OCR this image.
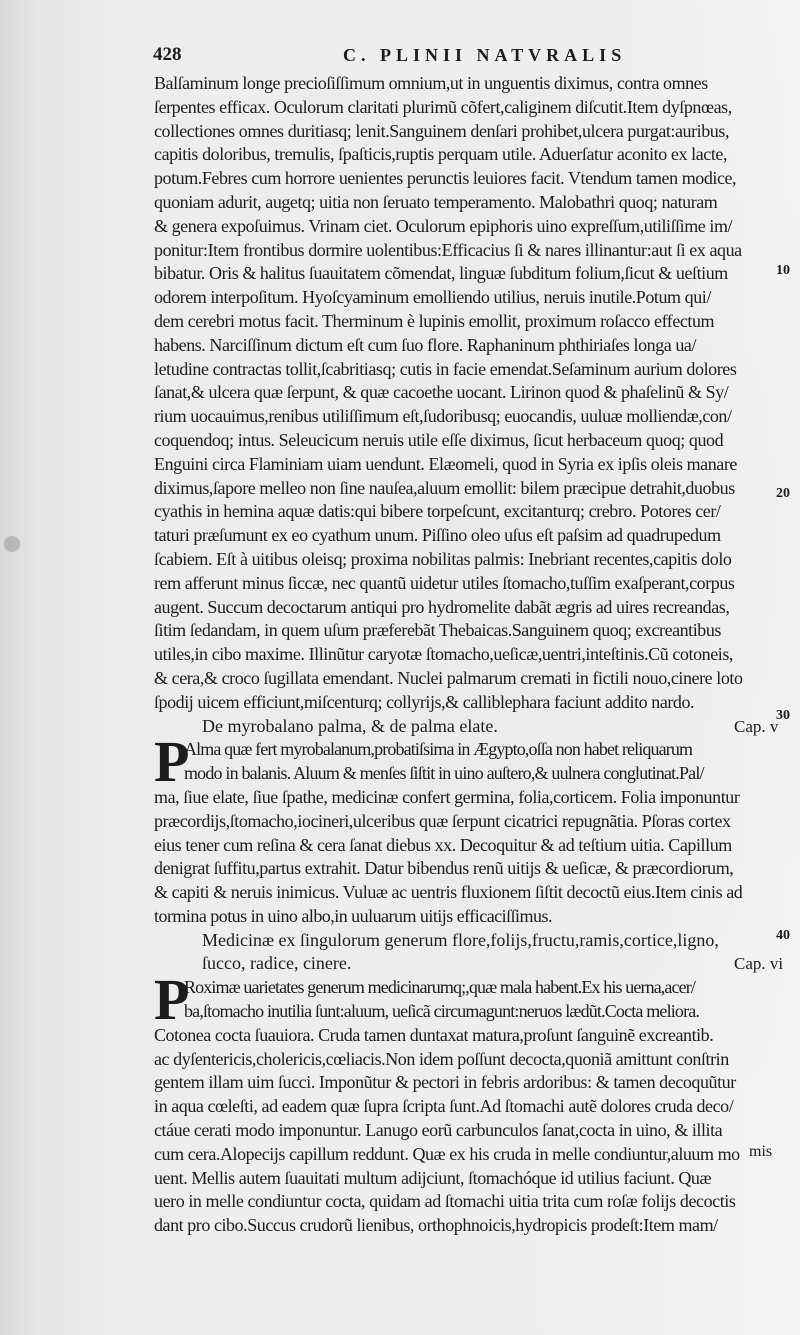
428	C. PLINII NATVRALIS
Balſaminum longe precioſiſſimum omnium,ut in unguentis diximus, contra omnes
ſerpentes efficax. Oculorum claritati plurimũ cõfert,caliginem diſcutit.Item dyſpnœas,
collectiones omnes duritiasq; lenit.Sanguinem denſari prohibet,ulcera purgat:auribus,
capitis doloribus, tremulis, ſpaſticis,ruptis perquam utile. Aduerſatur aconito ex lacte,
potum.Febres cum horrore uenientes perunctis leuiores facit. Vtendum tamen modice,
quoniam adurit, augetq; uitia non ſeruato temperamento. Malobathri quoq; naturam
& genera expoſuimus. Vrinam ciet. Oculorum epiphoris uino expreſſum,utiliſſime im/
ponitur:Item frontibus dormire uolentibus:Efficacius ſi & nares illinantur:aut ſi ex aqua
bibatur. Oris & halitus ſuauitatem cõmendat, linguæ ſubditum folium,ſicut & ueſtium
odorem interpoſitum. Hyoſcyaminum emolliendo utilius, neruis inutile.Potum qui/
dem cerebri motus facit. Therminum è lupinis emollit, proximum roſacco effectum
habens. Narciſſinum dictum eſt cum ſuo flore. Raphaninum phthiriaſes longa ua/
letudine contractas tollit,ſcabritiasq; cutis in facie emendat.Seſaminum aurium dolores
ſanat,& ulcera quæ ſerpunt, & quæ cacoethe uocant. Lirinon quod & phaſelinũ & Sy/
rium uocauimus,renibus utiliſſimum eſt,ſudoribusq; euocandis, uuluæ molliendæ,con/
coquendoq; intus. Seleucicum neruis utile eſſe diximus, ſicut herbaceum quoq; quod
Enguini circa Flaminiam uiam uendunt. Elæomeli, quod in Syria ex ipſis oleis manare
diximus,ſapore melleo non ſine nauſea,aluum emollit: bilem præcipue detrahit,duobus
cyathis in hemina aquæ datis:qui bibere torpeſcunt, excitanturq; crebro. Potores cer/
taturi præſumunt ex eo cyathum unum. Piſſino oleo uſus eſt paſsim ad quadrupedum
ſcabiem. Eſt à uitibus oleisq; proxima nobilitas palmis: Inebriant recentes,capitis dolo
rem afferunt minus ſiccæ, nec quantũ uidetur utiles ſtomacho,tuſſim exaſperant,corpus
augent. Succum decoctarum antiqui pro hydromelite dabãt ægris ad uires recreandas,
ſitim ſedandam, in quem uſum præferebãt Thebaicas.Sanguinem quoq; excreantibus
utiles,in cibo maxime. Illinũtur caryotæ ſtomacho,ueſicæ,uentri,inteſtinis.Cũ cotoneis,
& cera,& croco ſugillata emendant. Nuclei palmarum cremati in fictili nouo,cinere loto
ſpodij uicem efficiunt,miſcenturq; collyrijs,& calliblephara faciunt addito nardo.
De myrobalano palma, & de palma elate.	Cap. v
P
Alma quæ fert myrobalanum,probatiſsima in Ægypto,oſſa non habet reliquarum
modo in balanis. Aluum & menſes ſiſtit in uino auſtero,& uulnera conglutinat.Pal/
ma, ſiue elate, ſiue ſpathe, medicinæ confert germina, folia,corticem. Folia imponuntur
præcordijs,ſtomacho,iocineri,ulceribus quæ ſerpunt cicatrici repugnãtia. Pſoras cortex
eius tener cum reſina & cera ſanat diebus xx. Decoquitur & ad teſtium uitia. Capillum
denigrat ſuffitu,partus extrahit. Datur bibendus renũ uitijs & ueſicæ, & præcordiorum,
& capiti & neruis inimicus. Vuluæ ac uentris fluxionem ſiſtit decoctũ eius.Item cinis ad
tormina potus in uino albo,in uuluarum uitijs efficaciſſimus.
Medicinæ ex ſingulorum generum flore,folijs,fructu,ramis,cortice,ligno,
ſucco, radice, cinere.	Cap. vi
P
Roximæ uarietates generum medicinarumq;,quæ mala habent.Ex his uerna,acer/
ba,ſtomacho inutilia ſunt:aluum, ueſicã circumagunt:neruos lædũt.Cocta meliora.
Cotonea cocta ſuauiora. Cruda tamen duntaxat matura,proſunt ſanguinẽ excreantib.
ac dyſentericis,cholericis,cœliacis.Non idem poſſunt decocta,quoniã amittunt conſtrin
gentem illam uim ſucci. Imponũtur & pectori in febris ardoribus: & tamen decoquũtur
in aqua cœleſti, ad eadem quæ ſupra ſcripta ſunt.Ad ſtomachi autẽ dolores cruda deco/
ctáue cerati modo imponuntur. Lanugo eorũ carbunculos ſanat,cocta in uino, & illita
cum cera.Alopecijs capillum reddunt. Quæ ex his cruda in melle condiuntur,aluum mo
uent. Mellis autem ſuauitati multum adijciunt, ſtomachóque id utilius faciunt. Quæ
uero in melle condiuntur cocta, quidam ad ſtomachi uitia trita cum roſæ folijs decoctis
dant pro cibo.Succus crudorũ lienibus, orthophnoicis,hydropicis prodeſt:Item mam/
10
20
30
40
mis
